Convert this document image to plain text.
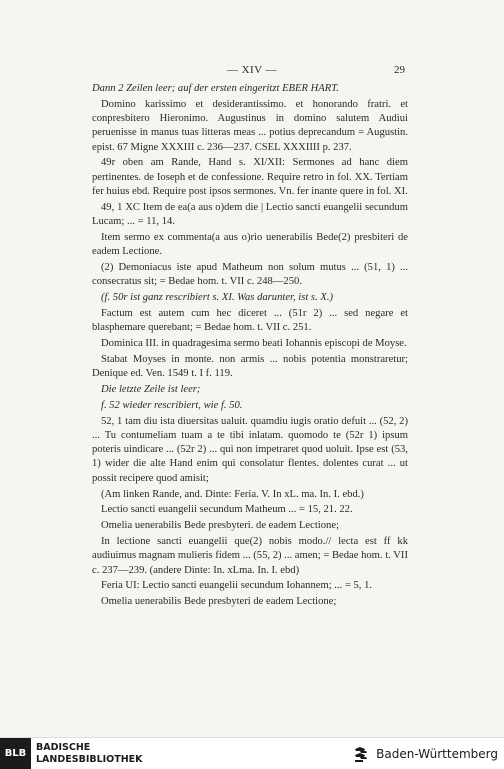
— XIV —	29

Dann 2 Zeilen leer; auf der ersten eingeritzt EBER HART.

Domino karissimo et desiderantissimo. et honorando fratri. et conpresbitero Hieronimo. Augustinus in domino salutem Audiui peruenisse in manus tuas litteras meas ... potius deprecandum = Augustin. epist. 67 Migne XXXIII c. 236—237. CSEL XXXIIII p. 237.

49r oben am Rande, Hand s. XI/XII: Sermones ad hanc diem pertinentes. de Ioseph et de confessione. Require retro in fol. XX. Tertiam fer huius ebd. Require post ipsos sermones. Vn. fer inante quere in fol. XI.

49, 1 XC Item de ea(a aus o)dem die | Lectio sancti euangelii secundum Lucam; ... = 11, 14.

Item sermo ex commenta(a aus o)rio uenerabilis Bede(2) presbiteri de eadem Lectione.

(2) Demoniacus iste apud Matheum non solum mutus ... (51, 1) ... consecratus sit; = Bedae hom. t. VII c. 248—250.

(f. 50r ist ganz rescribiert s. XI. Was darunter, ist s. X.)

Factum est autem cum hec diceret ... (51r 2) ... sed negare et blasphemare querebant; = Bedae hom. t. VII c. 251.

Dominica III. in quadragesima sermo beati Iohannis episcopi de Moyse.

Stabat Moyses in monte. non armis ... nobis potentia monstraretur; Denique ed. Ven. 1549 t. I f. 119.

Die letzte Zeile ist leer;

f. 52 wieder rescribiert, wie f. 50.

52, 1 tam diu ista diuersitas ualuit. quamdiu iugis oratio defuit ... (52, 2) ... Tu contumeliam tuam a te tibi inlatam. quomodo te (52r 1) ipsum poteris uindicare ... (52r 2) ... qui non impetraret quod uoluit. Ipse est (53, 1) wider die alte Hand enim qui consolatur flentes. dolentes curat ... ut possit recipere quod amisit;

(Am linken Rande, and. Dinte: Feria. V. In xL. ma. In. I. ebd.)

Lectio sancti euangelii secundum Matheum ... = 15, 21. 22.

Omelia uenerabilis Bede presbyteri. de eadem Lectione;

In lectione sancti euangelii que(2) nobis modo.// lecta est ff kk audiuimus magnam mulieris fidem ... (55, 2) ... amen; = Bedae hom. t. VII c. 237—239. (andere Dinte: In. xLma. In. I. ebd)

Feria UI: Lectio sancti euangelii secundum Iohannem; ... = 5, 1.

Omelia uenerabilis Bede presbyteri de eadem Lectione;

BLB
BADISCHE
LANDESBIBLIOTHEK	Baden-Württemberg
